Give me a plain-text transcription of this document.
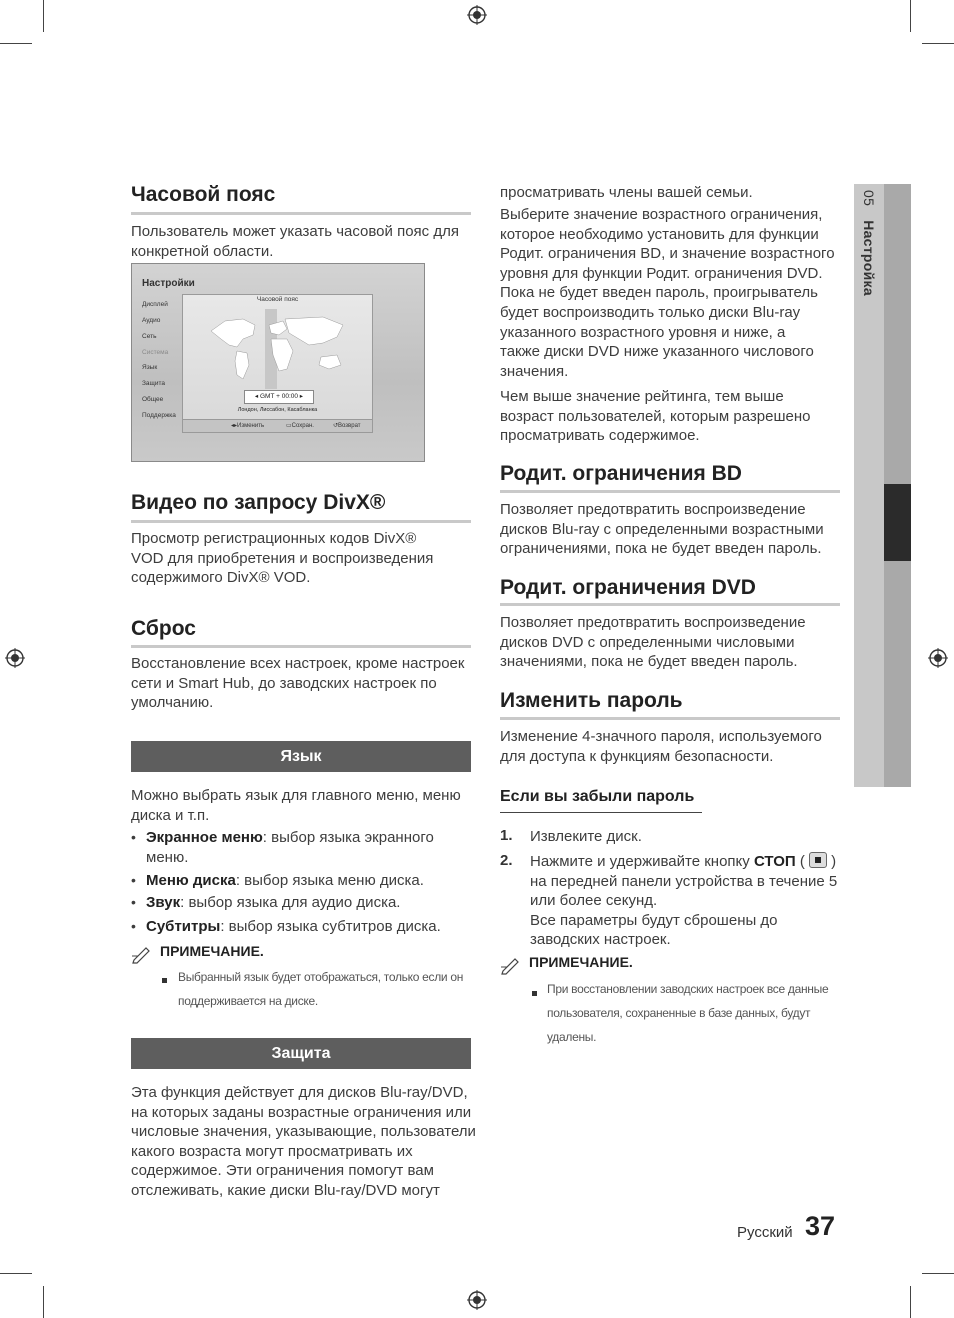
Часовой пояс

Пользователь может указать часовой пояс для
конкретной области.

Настройки
Дисплей
Аудио
Сеть
Система
Язык
Защита
Общее
Поддержка
Часовой пояс
◂ GMT + 00:00 ▸
Лондон, Лиссабон, Касабланка
◂▸ Изменить	▭ Сохран.	↺ Возврат
Видео по запросу DivX®

Просмотр регистрационных кодов DivX®
VOD для приобретения и воспроизведения
содержимого DivX® VOD.

Сброс

Восстановление всех настроек, кроме настроек
сети и Smart Hub, до заводских настроек по
умолчанию.

Язык

Можно выбрать язык для главного меню, меню
диска и т.п.

• Экранное меню: выбор языка экранного
меню.
• Меню диска: выбор языка меню диска.
• Звук: выбор языка для аудио диска.
• Субтитры: выбор языка субтитров диска.
ПРИМЕЧАНИЕ.
Выбранный язык будет отображаться, только если он
поддерживается на диске.
Защита

Эта функция действует для дисков Blu-ray/DVD,
на которых заданы возрастные ограничения или
числовые значения, указывающие, пользователи
какого возраста могут просматривать их
содержимое. Эти ограничения помогут вам
отслеживать, какие диски Blu-ray/DVD могут

просматривать члены вашей семьи.

Выберите значение возрастного ограничения,
которое необходимо установить для функции
Родит. ограничения BD, и значение возрастного
уровня для функции Родит. ограничения DVD.
Пока не будет введен пароль, проигрыватель
будет воспроизводить только диски Blu-ray
указанного возрастного уровня и ниже, а
также диски DVD ниже указанного числового
значения.

Чем выше значение рейтинга, тем выше
возраст пользователей, которым разрешено
просматривать содержимое.

Родит. ограничения BD

Позволяет предотвратить воспроизведение
дисков Blu-ray с определенными возрастными
ограничениями, пока не будет введен пароль.

Родит. ограничения DVD

Позволяет предотвратить воспроизведение
дисков DVD с определенными числовыми
значениями, пока не будет введен пароль.

Изменить пароль

Изменение 4-значного пароля, используемого
для доступа к функциям безопасности.

Если вы забыли пароль
1. Извлеките диск.
2. Нажмите и удерживайте кнопку СТОП (
)
на передней панели устройства в течение 5
или более секунд.
Все параметры будут сброшены до
заводских настроек.
ПРИМЕЧАНИЕ.
При восстановлении заводских настроек все данные
пользователя, сохраненные в базе данных, будут
удалены.
05Настройка
Русский 37
